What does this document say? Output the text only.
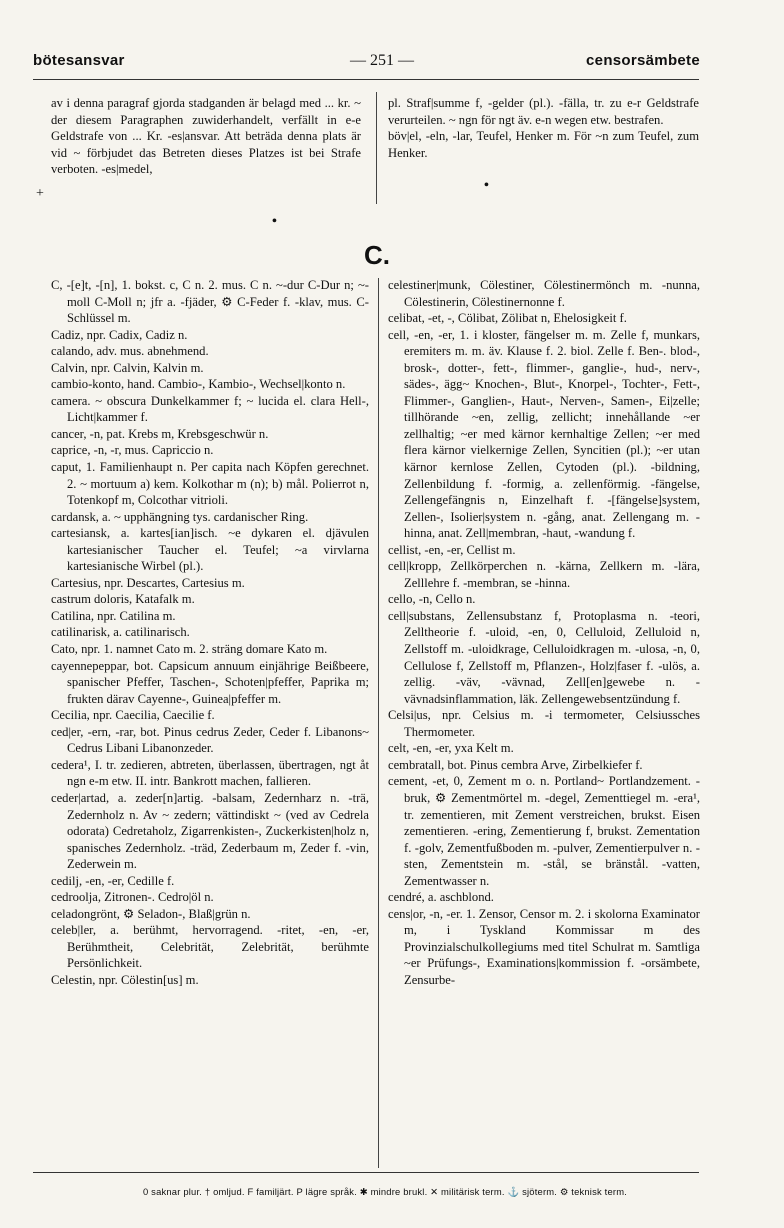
bötesansvar	— 251 —	censorsämbete

av i denna paragraf gjorda stadganden är belagd med ... kr. ~ der diesem Paragraphen zuwiderhandelt, verfällt in e-e Geldstrafe von ... Kr. -es|ansvar. Att beträda denna plats är vid ~ förbjudet das Betreten dieses Platzes ist bei Strafe verboten. -es|medel,

pl. Straf|summe f, -gelder (pl.). -fälla, tr. zu e-r Geldstrafe verurteilen. ~ ngn för ngt äv. e-n wegen etw. bestrafen.

böv|el, -eln, -lar, Teufel, Henker m. För ~n zum Teufel, zum Henker.

•
•
+
C.

C, -[e]t, -[n], 1. bokst. c, C n. 2. mus. C n. ~-dur C-Dur n; ~-moll C-Moll n; jfr a. -fjäder, ⚙ C-Feder f. -klav, mus. C-Schlüssel m.

Cadiz, npr. Cadix, Cadiz n.

calando, adv. mus. abnehmend.

Calvin, npr. Calvin, Kalvin m.

cambio-konto, hand. Cambio-, Kambio-, Wechsel|konto n.

camera. ~ obscura Dunkelkammer f; ~ lucida el. clara Hell-, Licht|kammer f.

cancer, -n, pat. Krebs m, Krebsgeschwür n.

caprice, -n, -r, mus. Capriccio n.

caput, 1. Familienhaupt n. Per capita nach Köpfen gerechnet. 2. ~ mortuum a) kem. Kolkothar m (n); b) mål. Polierrot n, Totenkopf m, Colcothar vitrioli.

cardansk, a. ~ upphängning tys. cardanischer Ring.

cartesiansk, a. kartes[ian]isch. ~e dykaren el. djävulen kartesianischer Taucher el. Teufel; ~a virvlarna kartesianische Wirbel (pl.).

Cartesius, npr. Descartes, Cartesius m.

castrum doloris, Katafalk m.

Catilina, npr. Catilina m.

catilinarisk, a. catilinarisch.

Cato, npr. 1. namnet Cato m. 2. sträng domare Kato m.

cayennepeppar, bot. Capsicum annuum einjährige Beißbeere, spanischer Pfeffer, Taschen-, Schoten|pfeffer, Paprika m; frukten därav Cayenne-, Guinea|pfeffer m.

Cecilia, npr. Caecilia, Caecilie f.

ced|er, -ern, -rar, bot. Pinus cedrus Zeder, Ceder f. Libanons~ Cedrus Libani Libanonzeder.

cedera¹, I. tr. zediеren, abtreten, überlassen, übertragen, ngt åt ngn e-m etw. II. intr. Bankrott machen, fallieren.

ceder|artad, a. zeder[n]artig. -balsam, Zedernharz n. -trä, Zedernholz n. Av ~ zedern; vättindiskt ~ (ved av Cedrela odorata) Cedretaholz, Zigarrenkisten-, Zuckerkisten|holz n, spanisches Zedernholz. -träd, Zederbaum m, Zeder f. -vin, Zederwein m.

cedilj, -en, -er, Cedille f.

cedrоolja, Zitronen-. Cedro|öl n.

celadongrönt, ⚙ Seladon-, Blaß|grün n.

celeb|ler, a. berühmt, hervorragend. -ritet, -en, -er, Berühmtheit, Celebrität, Zelebrität, berühmte Persönlichkeit.

Celestin, npr. Cölestin[us] m.

celestiner|munk, Cölestiner, Cölestinermönch m. -nunna, Cölestinerin, Cölestinernonne f.

celibat, -et, -, Cölibat, Zölibat n, Ehelosigkeit f.

cell, -en, -er, 1. i kloster, fängelser m. m. Zelle f, munkars, eremiters m. m. äv. Klause f. 2. biol. Zelle f. Ben-. blod-, brosk-, dotter-, fett-, flimmer-, ganglie-, hud-, nerv-, sädes-, ägg~ Knochen-, Blut-, Knorpel-, Tochter-, Fett-, Flimmer-, Ganglien-, Haut-, Nerven-, Samen-, Ei|zelle; tillhörande ~en, zellig, zellicht; innehållande ~er zellhaltig; ~er med kärnor kernhaltige Zellen; ~er med flera kärnor vielkernige Zellen, Syncitien (pl.); ~er utan kärnor kernlose Zellen, Cytoden (pl.). -bildning, Zellenbildung f. -formig, a. zellenförmig. -fängelse, Zellengefängnis n, Einzelhaft f. -[fängelse]system, Zellen-, Isolier|system n. -gång, anat. Zellengang m. -hinna, anat. Zell|membran, -haut, -wandung f.

cellist, -en, -er, Cellist m.

cell|kropp, Zellkörperchen n. -kärna, Zellkern m. -lära, Zelllehre f. -membran, se -hinna.

cello, -n, Cello n.

cell|substans, Zellensubstanz f, Protoplasma n. -teori, Zelltheorie f. -uloid, -en, 0, Celluloid, Zelluloid n, Zellstoff m. -uloidkrage, Celluloidkragen m. -ulosa, -n, 0, Cellulose f, Zellstoff m, Pflanzen-, Holz|faser f. -ulös, a. zellig. -väv, -vävnad, Zell[en]gewebe n. -vävnadsinflammation, läk. Zellengewebsentzündung f.

Celsi|us, npr. Celsius m. -i termometer, Celsiussches Thermometer.

celt, -en, -er, yxa Kelt m.

cembratall, bot. Pinus cembra Arve, Zirbelkiefer f.

cement, -et, 0, Zement m o. n. Portland~ Portlandzement. -bruk, ⚙ Zementmörtel m. -degel, Zementtiegel m. -era¹, tr. zementieren, mit Zement verstreichen, brukst. Eisen zementieren. -ering, Zementierung f, brukst. Zementation f. -golv, Zementfußboden m. -pulver, Zementierpulver n. -sten, Zementstein m. -stål, se bränstål. -vatten, Zementwasser n.

cendré, a. aschblond.

cens|or, -n, -er. 1. Zensor, Censor m. 2. i skolorna Examinator m, i Tyskland Kommissar m des Provinzialschulkollegiums med titel Schulrat m. Samtliga ~er Prüfungs-, Examinations|kommission f. -orsämbete, Zensurbe-

0 saknar plur. † omljud. F familjärt. P lägre språk. ✱ mindre brukl. ✕ militärisk term. ⚓ sjöterm. ⚙ teknisk term.
